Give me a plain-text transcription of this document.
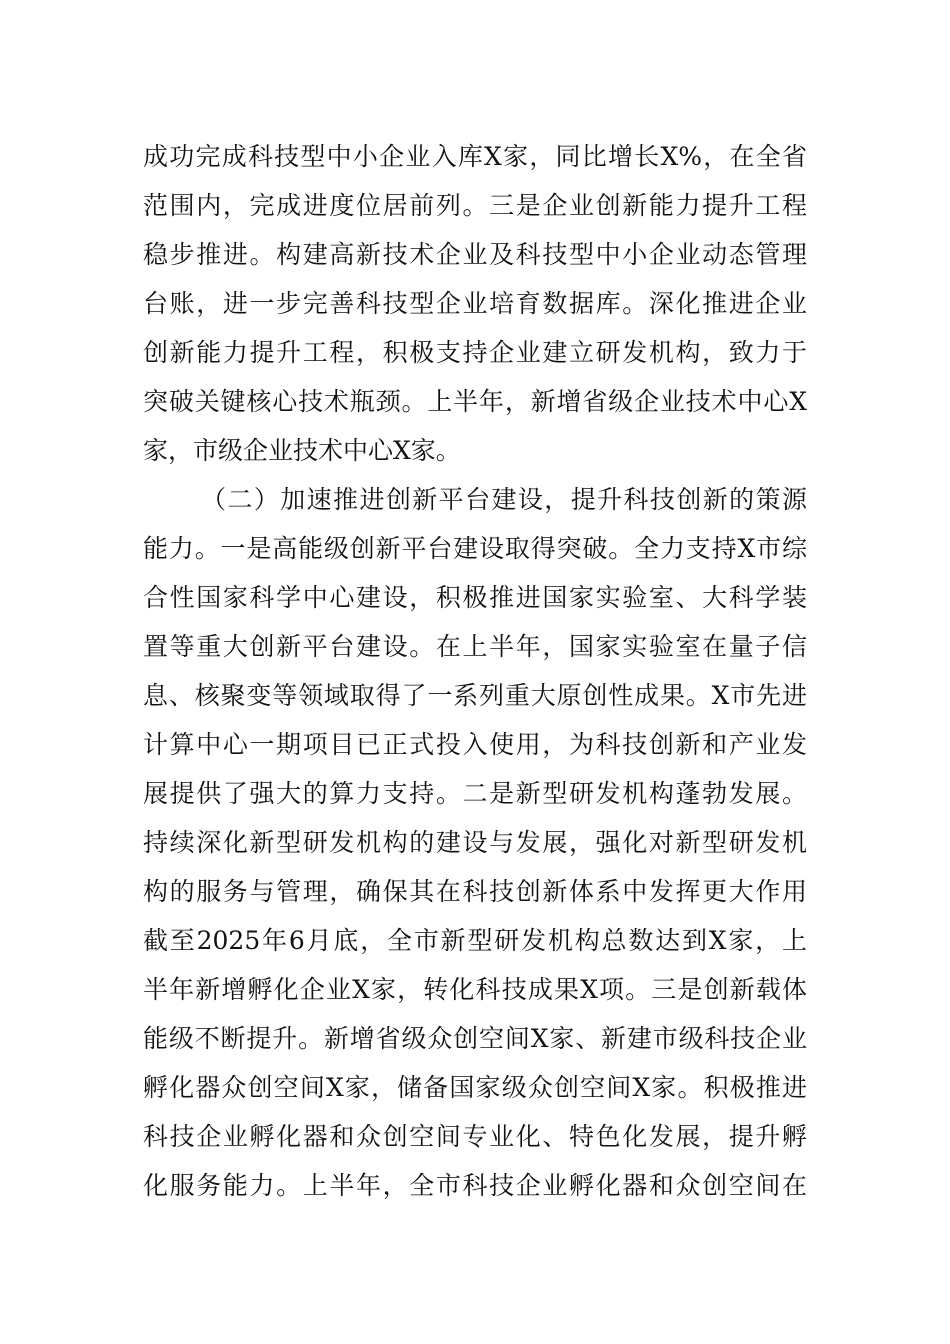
成功完成科技型中小企业入库X家，同比增长X%，在全省
范围内，完成进度位居前列。三是企业创新能力提升工程
稳步推进。构建高新技术企业及科技型中小企业动态管理
台账，进一步完善科技型企业培育数据库。深化推进企业
创新能力提升工程，积极支持企业建立研发机构，致力于
突破关键核心技术瓶颈。上半年，新增省级企业技术中心X
家，市级企业技术中心X家。
（二）加速推进创新平台建设，提升科技创新的策源
能力。一是高能级创新平台建设取得突破。全力支持X市综
合性国家科学中心建设，积极推进国家实验室、大科学装
置等重大创新平台建设。在上半年，国家实验室在量子信
息、核聚变等领域取得了一系列重大原创性成果。X市先进
计算中心一期项目已正式投入使用，为科技创新和产业发
展提供了强大的算力支持。二是新型研发机构蓬勃发展。
持续深化新型研发机构的建设与发展，强化对新型研发机
构的服务与管理，确保其在科技创新体系中发挥更大作用
截至2025年6月底，全市新型研发机构总数达到X家，上
半年新增孵化企业X家，转化科技成果X项。三是创新载体
能级不断提升。新增省级众创空间X家、新建市级科技企业
孵化器众创空间X家，储备国家级众创空间X家。积极推进
科技企业孵化器和众创空间专业化、特色化发展，提升孵
化服务能力。上半年，全市科技企业孵化器和众创空间在
